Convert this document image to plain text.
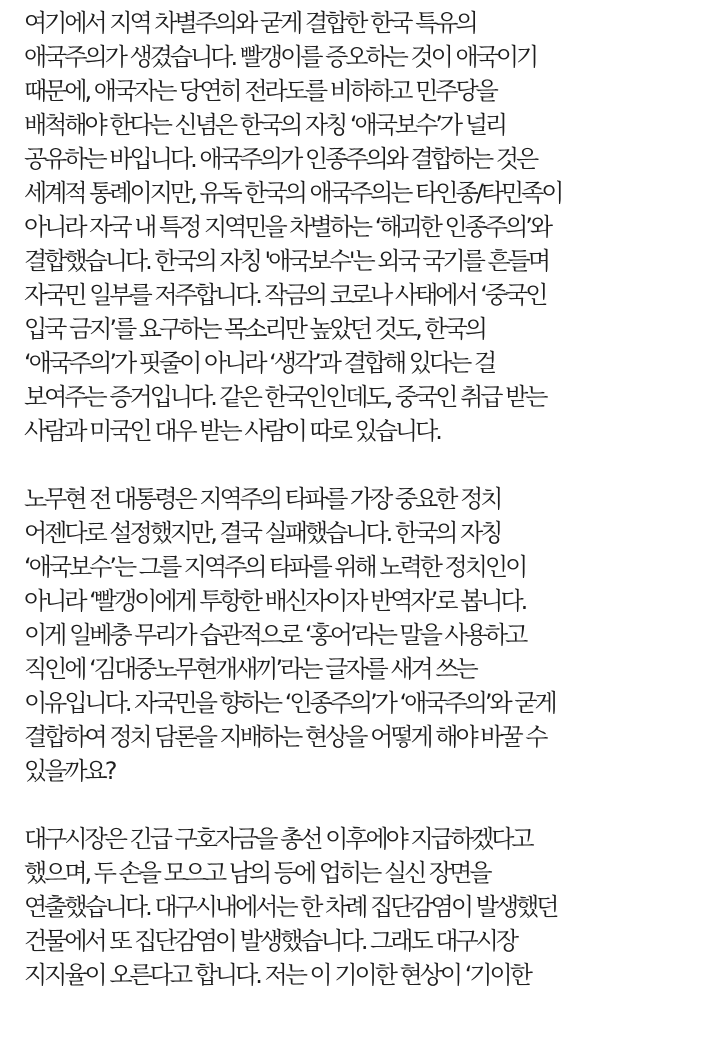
여기에서 지역 차별주의와 굳게 결합한 한국 특유의
애국주의가 생겼습니다. 빨갱이를 증오하는 것이 애국이기
때문에, 애국자는 당연히 전라도를 비하하고 민주당을
배척해야 한다는 신념은 한국의 자칭 ‘애국보수’가 널리
공유하는 바입니다. 애국주의가 인종주의와 결합하는 것은
세계적 통례이지만, 유독 한국의 애국주의는 타인종/타민족이
아니라 자국 내 특정 지역민을 차별하는 ‘해괴한 인종주의’와
결합했습니다. 한국의 자칭 '애국보수'는 외국 국기를 흔들며
자국민 일부를 저주합니다. 작금의 코로나 사태에서 ‘중국인
입국 금지’를 요구하는 목소리만 높았던 것도, 한국의
‘애국주의’가 핏줄이 아니라 ‘생각’과 결합해 있다는 걸
보여주는 증거입니다. 같은 한국인인데도, 중국인 취급 받는
사람과 미국인 대우 받는 사람이 따로 있습니다.

노무현 전 대통령은 지역주의 타파를 가장 중요한 정치
어젠다로 설정했지만, 결국 실패했습니다. 한국의 자칭
‘애국보수’는 그를 지역주의 타파를 위해 노력한 정치인이
아니라 ‘빨갱이에게 투항한 배신자이자 반역자’로 봅니다.
이게 일베충 무리가 습관적으로 ‘홍어’라는 말을 사용하고
직인에 ‘김대중노무현개새끼’라는 글자를 새겨 쓰는
이유입니다. 자국민을 향하는 ‘인종주의’가 ‘애국주의’와 굳게
결합하여 정치 담론을 지배하는 현상을 어떻게 해야 바꿀 수
있을까요?

대구시장은 긴급 구호자금을 총선 이후에야 지급하겠다고
했으며, 두 손을 모으고 남의 등에 업히는 실신 장면을
연출했습니다. 대구시내에서는 한 차례 집단감염이 발생했던
건물에서 또 집단감염이 발생했습니다. 그래도 대구시장
지지율이 오른다고 합니다. 저는 이 기이한 현상이 ‘기이한
